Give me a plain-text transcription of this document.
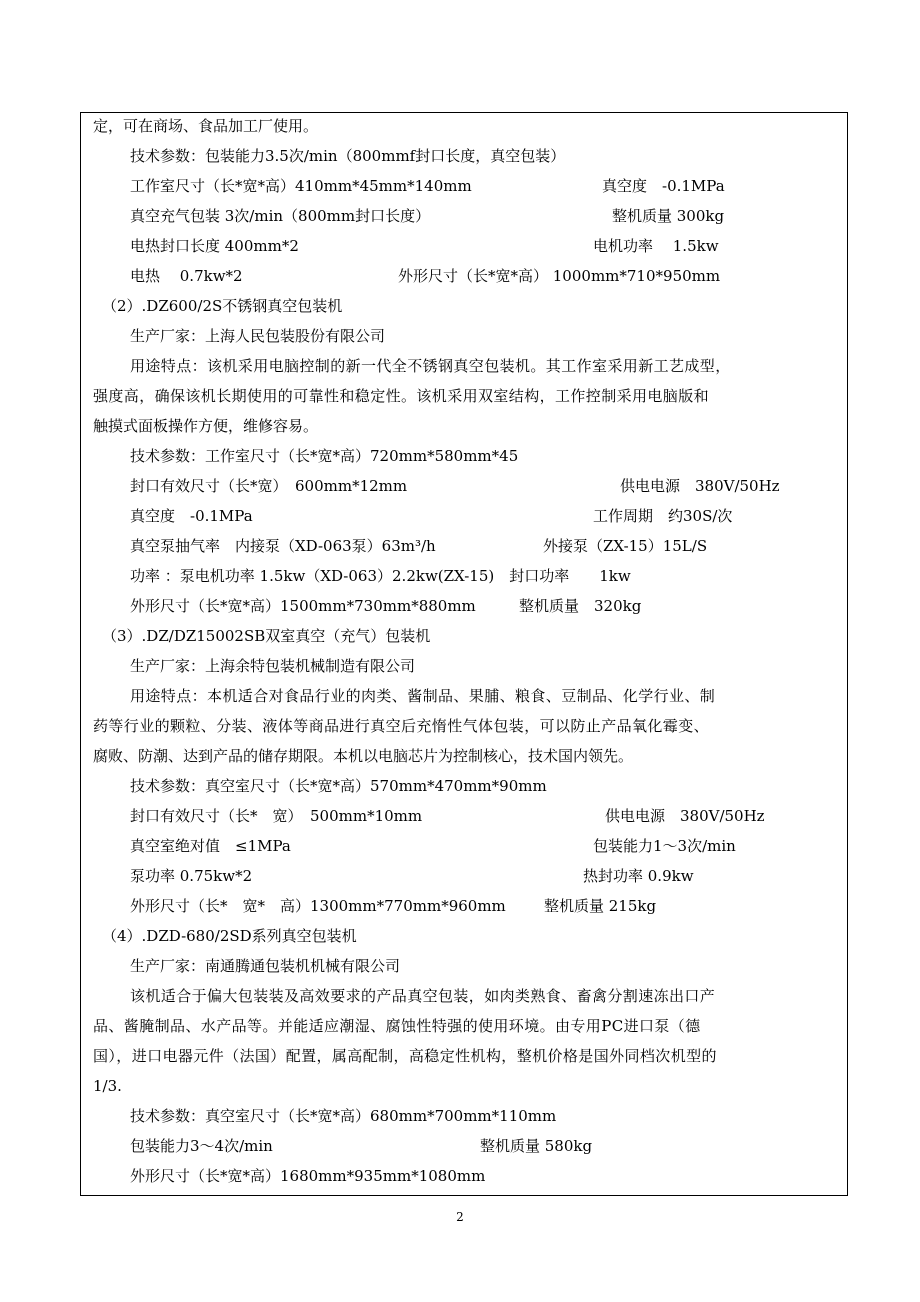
定，可在商场、食品加工厂使用。
技术参数：包装能力3.5次/min（800mmf封口长度，真空包装）
工作室尺寸（长*宽*高）410mm*45mm*140mm	真空度　-0.1MPa
真空充气包装 3次/min（800mm封口长度）	整机质量 300kg
电热封口长度 400mm*2	电机功率　 1.5kw
电热　 0.7kw*2	外形尺寸（长*宽*高） 1000mm*710*950mm
（2）.DZ600/2S不锈钢真空包装机
生产厂家：上海人民包装股份有限公司
用途特点：该机采用电脑控制的新一代全不锈钢真空包装机。其工作室采用新工艺成型，
强度高，确保该机长期使用的可靠性和稳定性。该机采用双室结构，工作控制采用电脑版和
触摸式面板操作方便，维修容易。
技术参数：工作室尺寸（长*宽*高）720mm*580mm*45
封口有效尺寸（长*宽）　600mm*12mm	供电电源　380V/50Hz
真空度　-0.1MPa	工作周期　约30S/次
真空泵抽气率　内接泵（XD-063泵）63m³/h	外接泵（ZX-15）15L/S
功率 ：泵电机功率 1.5kw（XD-063）2.2kw(ZX-15)　封口功率　　1kw
外形尺寸（长*宽*高）1500mm*730mm*880mm	整机质量　320kg
（3）.DZ/DZ15002SB双室真空（充气）包装机
生产厂家：上海余特包装机械制造有限公司
用途特点：本机适合对食品行业的肉类、酱制品、果脯、粮食、豆制品、化学行业、制
药等行业的颗粒、分装、液体等商品进行真空后充惰性气体包装，可以防止产品氧化霉变、
腐败、防潮、达到产品的储存期限。本机以电脑芯片为控制核心，技术国内领先。
技术参数：真空室尺寸（长*宽*高）570mm*470mm*90mm
封口有效尺寸（长*　宽）　500mm*10mm	供电电源　380V/50Hz
真空室绝对值　≤1MPa	包装能力1～3次/min
泵功率 0.75kw*2	热封功率 0.9kw
外形尺寸（长*　宽*　高）1300mm*770mm*960mm	整机质量 215kg
（4）.DZD-680/2SD系列真空包装机
生产厂家：南通腾通包装机机械有限公司
该机适合于偏大包装装及高效要求的产品真空包装，如肉类熟食、畜禽分割速冻出口产
品、酱腌制品、水产品等。并能适应潮湿、腐蚀性特强的使用环境。由专用PC进口泵（德
国），进口电器元件（法国）配置，属高配制，高稳定性机构，整机价格是国外同档次机型的
1/3.
技术参数：真空室尺寸（长*宽*高）680mm*700mm*110mm
包装能力3～4次/min	整机质量 580kg
外形尺寸（长*宽*高）1680mm*935mm*1080mm
2
